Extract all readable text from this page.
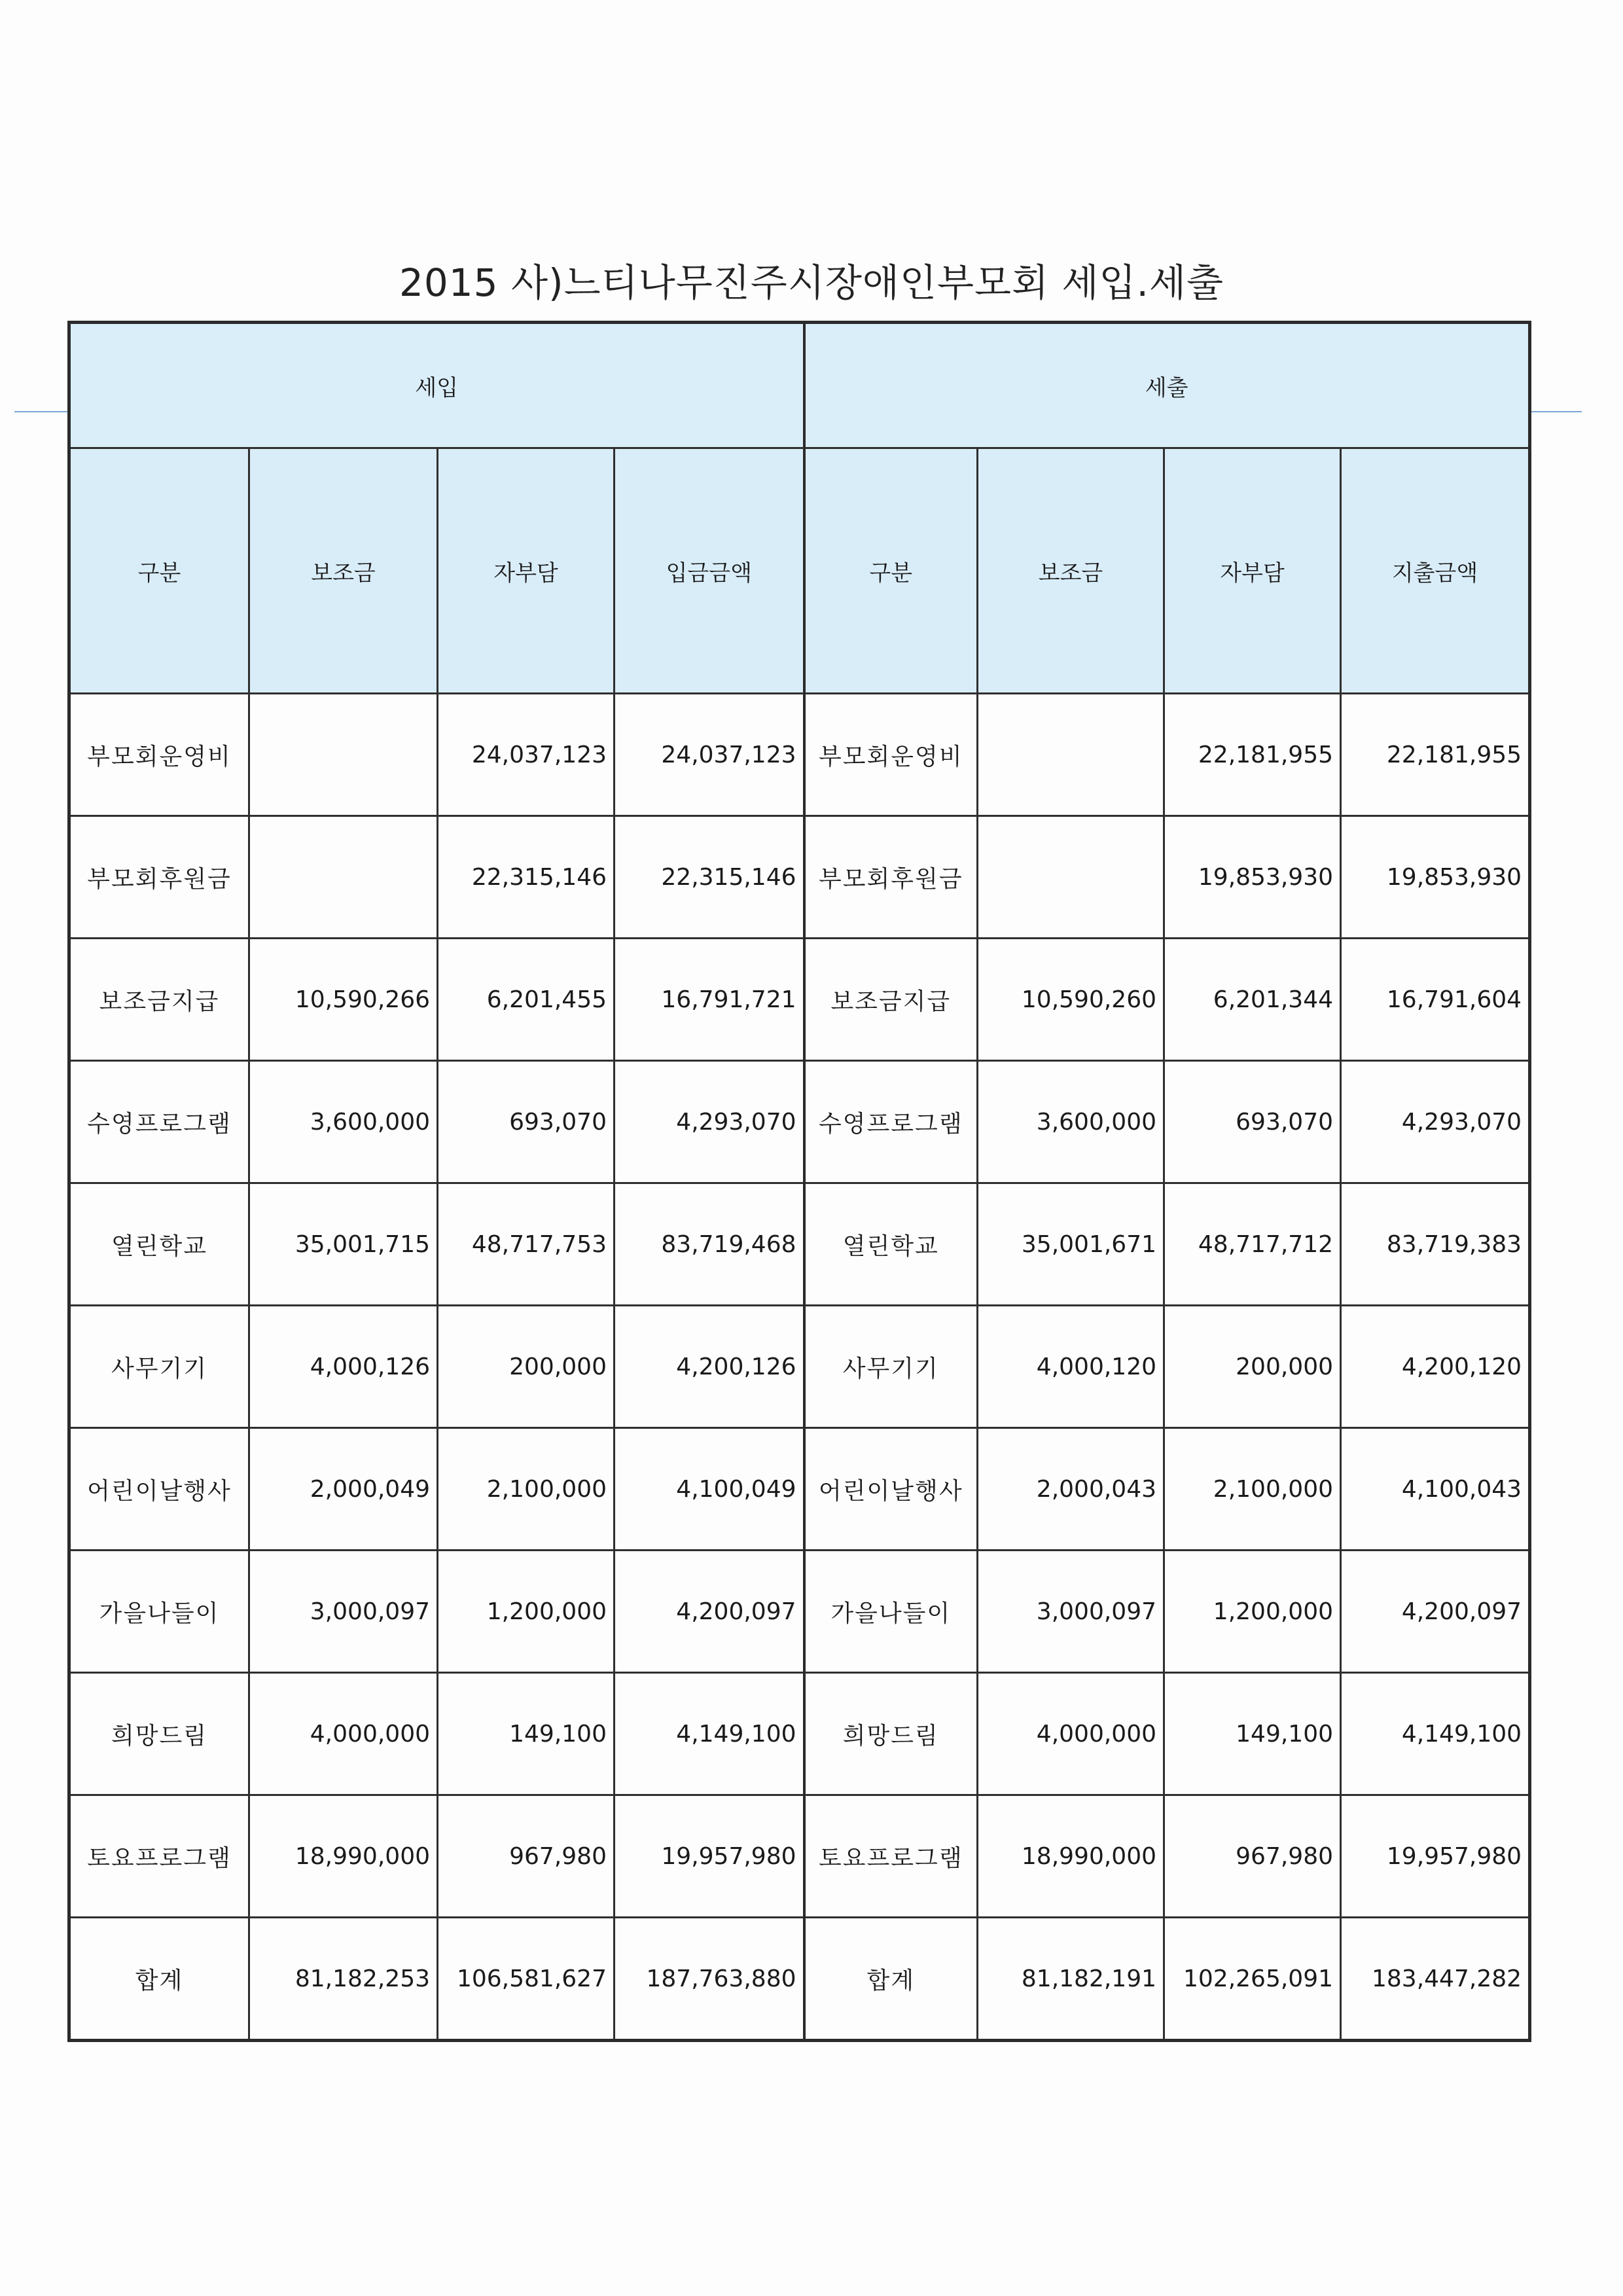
2015 사)느티나무진주시장애인부모회 세입.세출
세입				세출			
구분	보조금	자부담	입금금액	구분	보조금	자부담	지출금액
부모회운영비		24,037,123	24,037,123	부모회운영비		22,181,955	22,181,955
부모회후원금		22,315,146	22,315,146	부모회후원금		19,853,930	19,853,930
보조금지급	10,590,266	6,201,455	16,791,721	보조금지급	10,590,260	6,201,344	16,791,604
수영프로그램	3,600,000	693,070	4,293,070	수영프로그램	3,600,000	693,070	4,293,070
열린학교	35,001,715	48,717,753	83,719,468	열린학교	35,001,671	48,717,712	83,719,383
사무기기	4,000,126	200,000	4,200,126	사무기기	4,000,120	200,000	4,200,120
어린이날행사	2,000,049	2,100,000	4,100,049	어린이날행사	2,000,043	2,100,000	4,100,043
가을나들이	3,000,097	1,200,000	4,200,097	가을나들이	3,000,097	1,200,000	4,200,097
희망드림	4,000,000	149,100	4,149,100	희망드림	4,000,000	149,100	4,149,100
토요프로그램	18,990,000	967,980	19,957,980	토요프로그램	18,990,000	967,980	19,957,980
합계	81,182,253	106,581,627	187,763,880	합계	81,182,191	102,265,091	183,447,282
